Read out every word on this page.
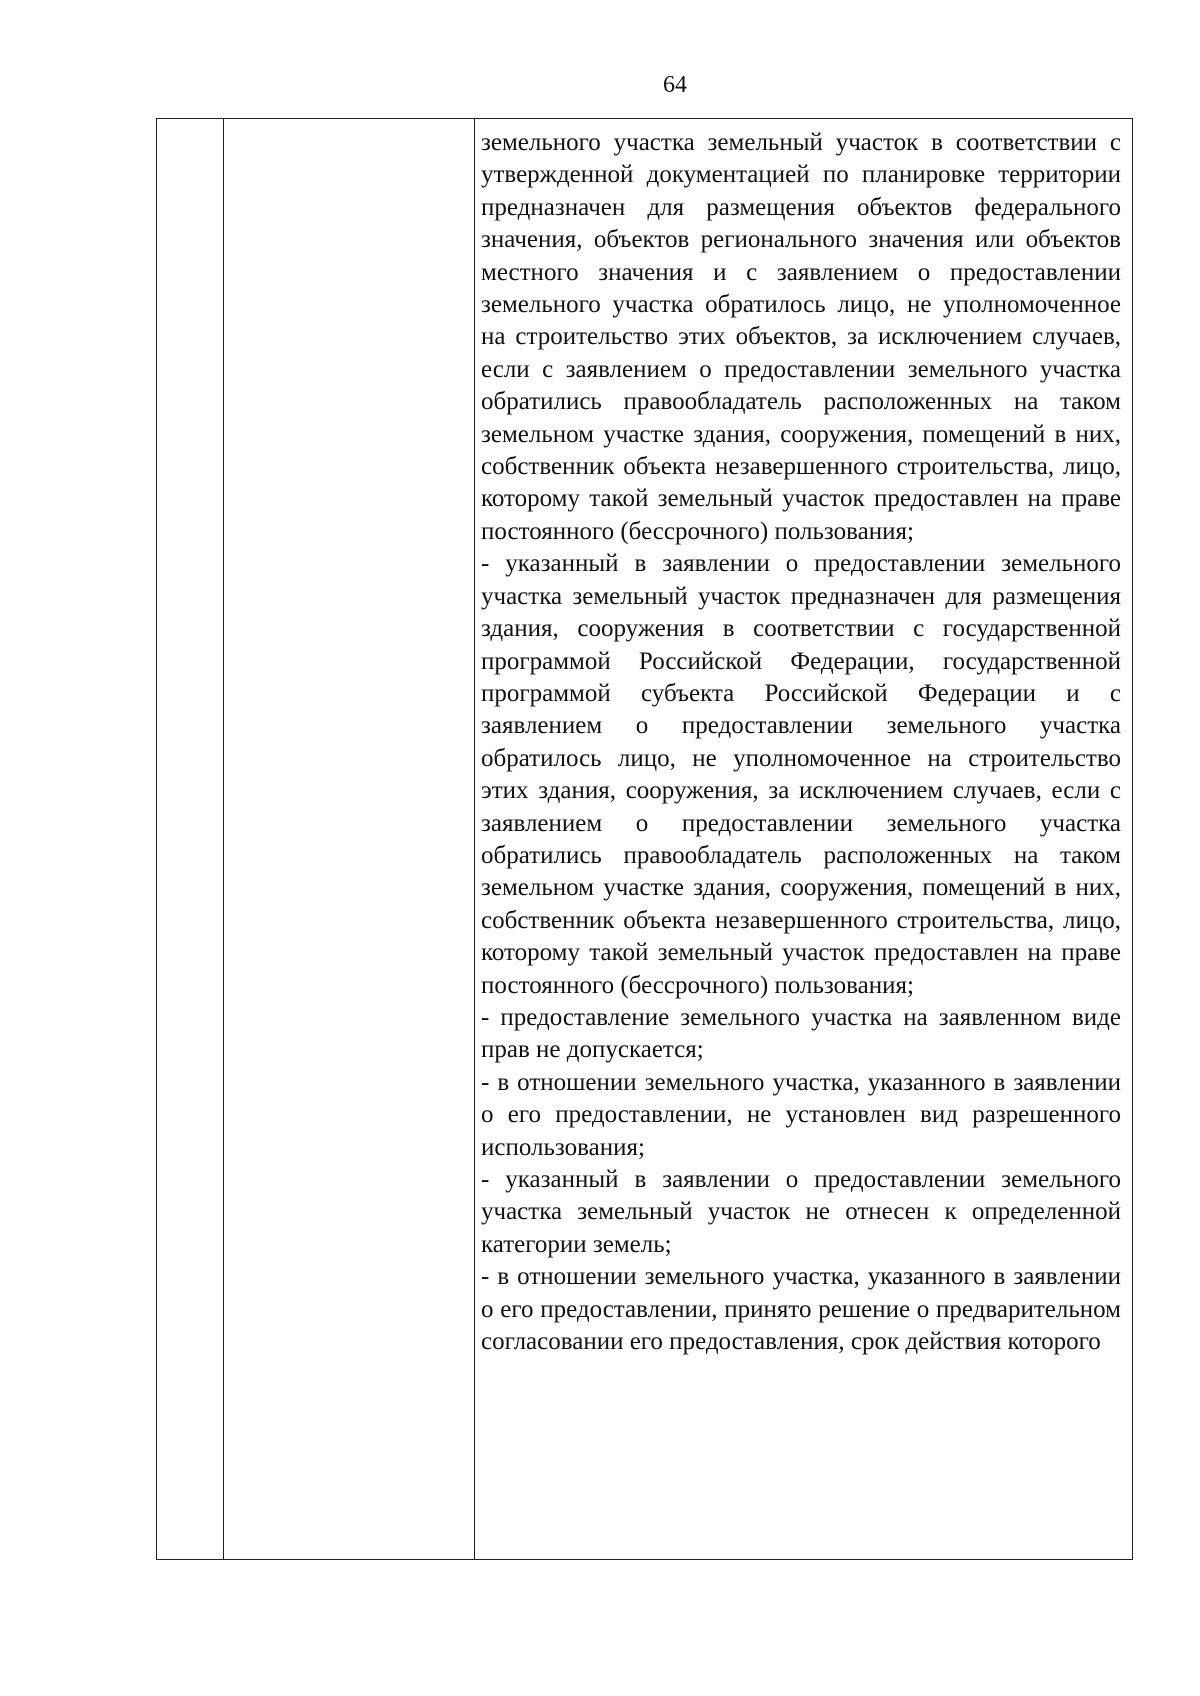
64

земельного участка земельный участок в соответствии с утвержденной документацией по планировке территории предназначен для размещения объектов федерального значения, объектов регионального значения или объектов местного значения и с заявлением о предоставлении земельного участка обратилось лицо, не уполномоченное на строительство этих объектов, за исключением случаев, если с заявлением о предоставлении земельного участка обратились правообладатель расположенных на таком земельном участке здания, сооружения, помещений в них, собственник объекта незавершенного строительства, лицо, которому такой земельный участок предоставлен на праве постоянного (бессрочного) пользования;

- указанный в заявлении о предоставлении земельного участка земельный участок предназначен для размещения здания, сооружения в соответствии с государственной программой Российской Федерации, государственной программой субъекта Российской Федерации и с заявлением о предоставлении земельного участка обратилось лицо, не уполномоченное на строительство этих здания, сооружения, за исключением случаев, если с заявлением о предоставлении земельного участка обратились правообладатель расположенных на таком земельном участке здания, сооружения, помещений в них, собственник объекта незавершенного строительства, лицо, которому такой земельный участок предоставлен на праве постоянного (бессрочного) пользования;

- предоставление земельного участка на заявленном виде прав не допускается;

- в отношении земельного участка, указанного в заявлении о его предоставлении, не установлен вид разрешенного использования;

- указанный в заявлении о предоставлении земельного участка земельный участок не отнесен к определенной категории земель;

- в отношении земельного участка, указанного в заявлении о его предоставлении, принято решение о предварительном согласовании его предоставления, срок действия которого
